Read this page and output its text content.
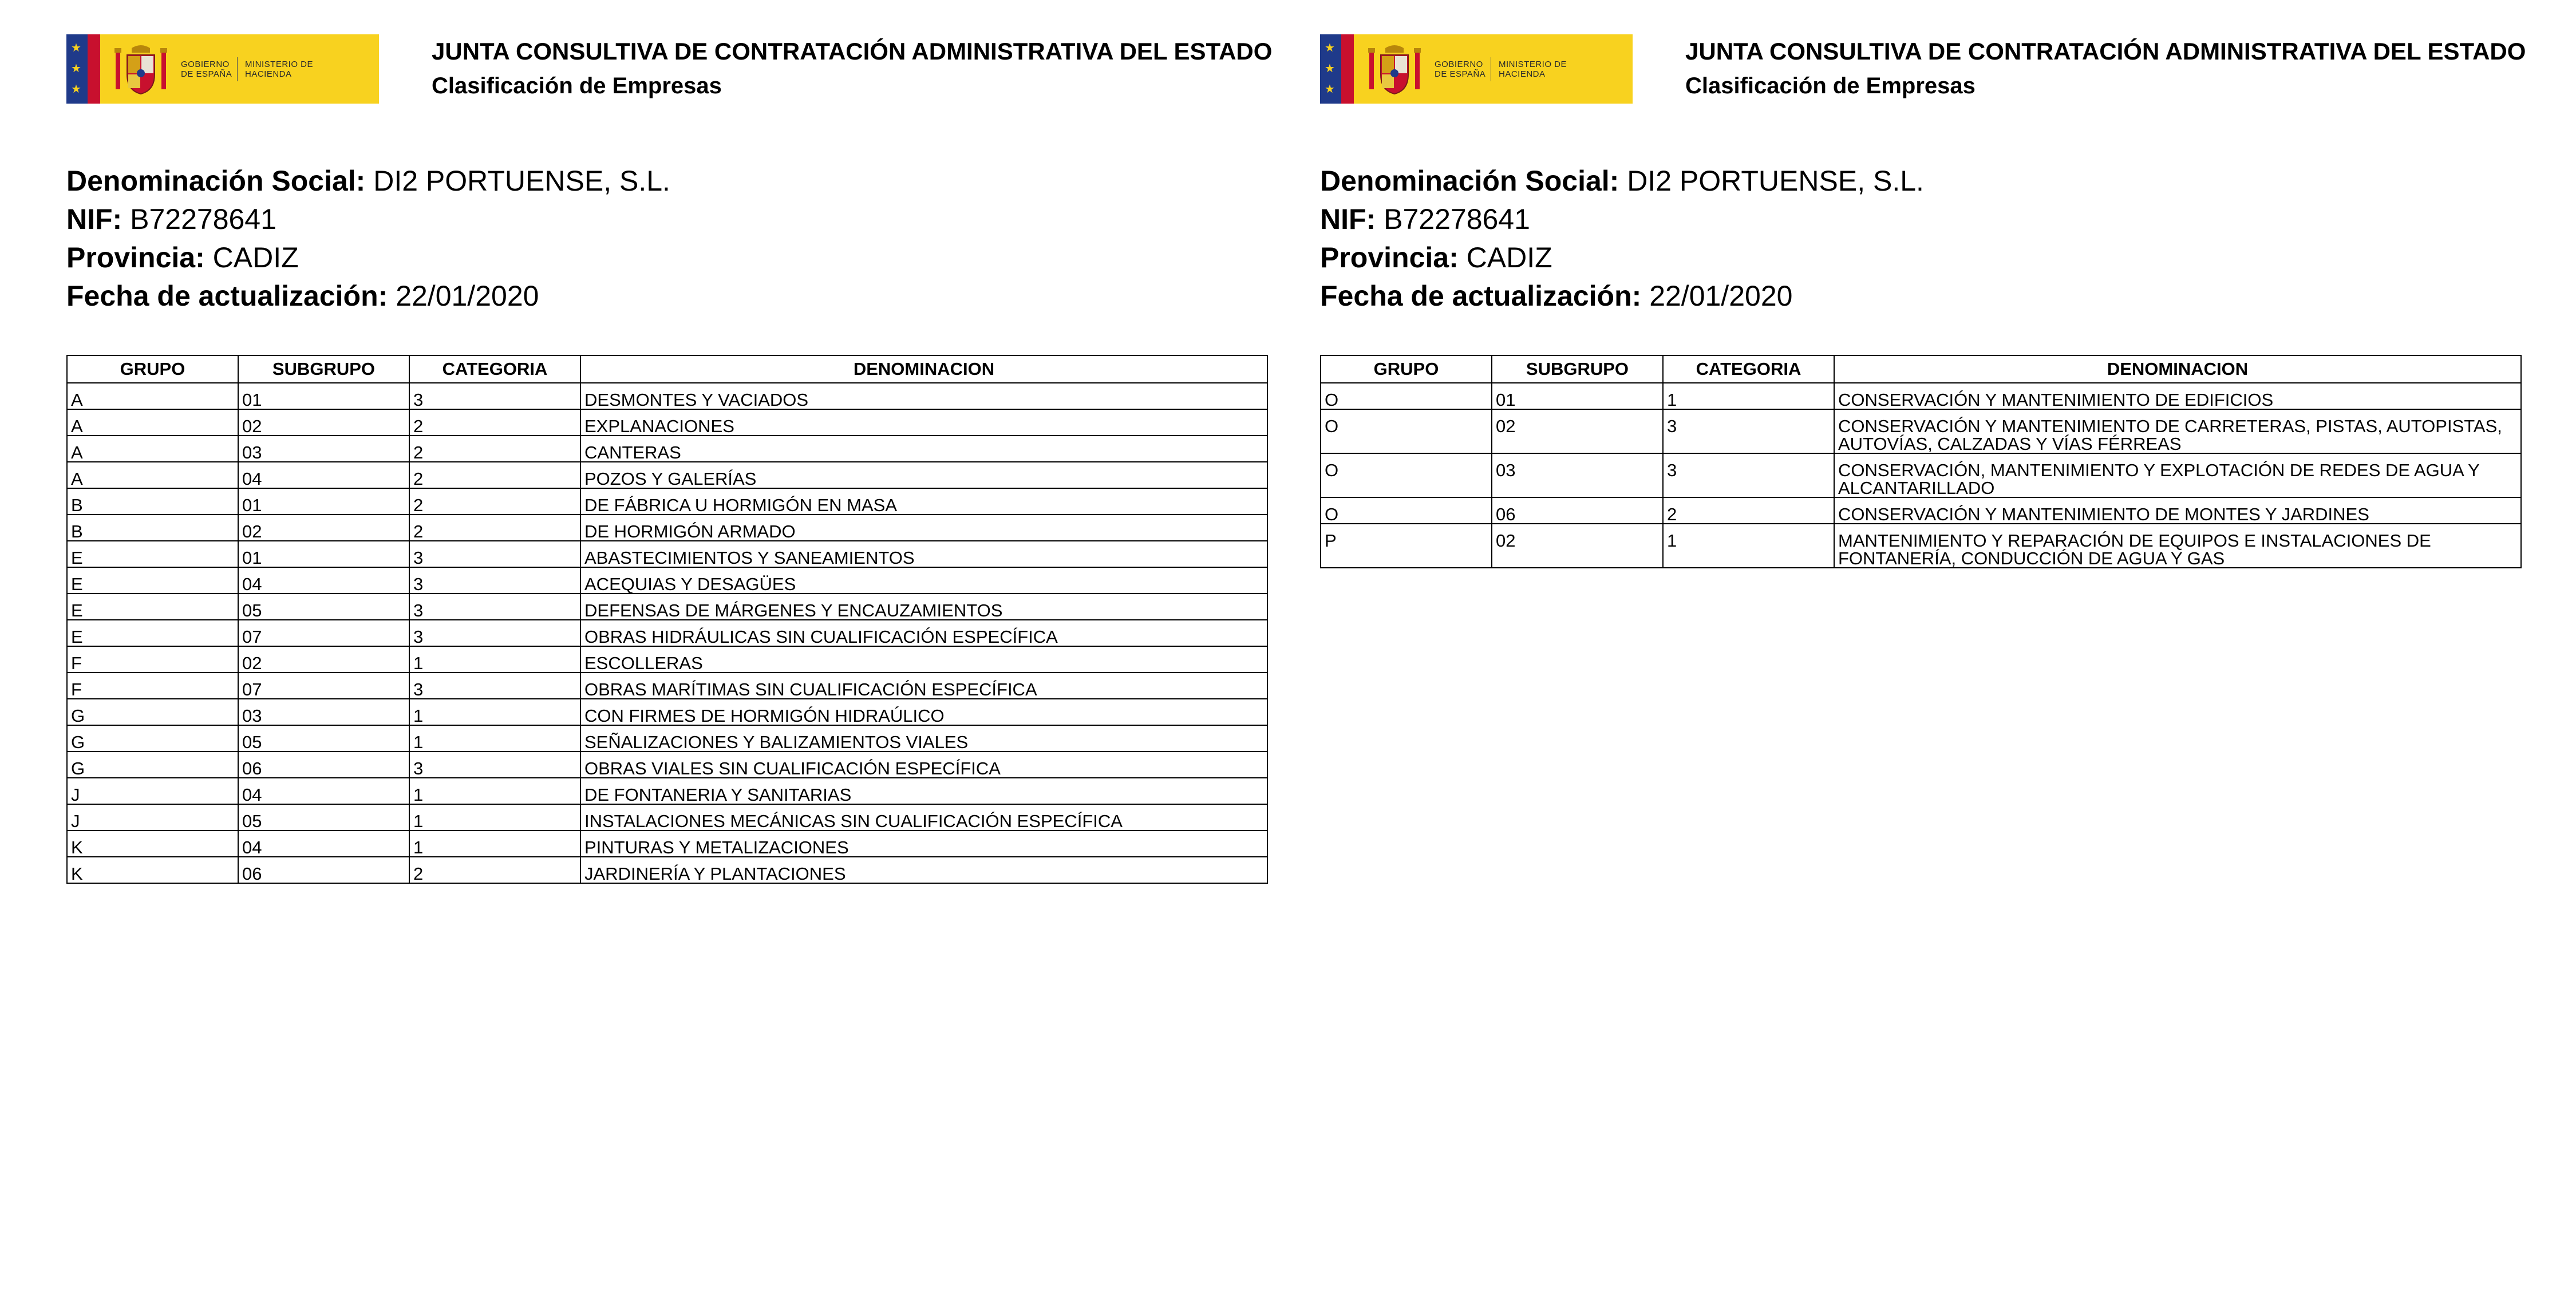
★
★
★
GOBIERNO DE ESPAÑA
MINISTERIO DE HACIENDA
JUNTA CONSULTIVA DE CONTRATACIÓN ADMINISTRATIVA DEL ESTADO
Clasificación de Empresas
Denominación Social: DI2 PORTUENSE, S.L.
NIF: B72278641
Provincia: CADIZ
Fecha de actualización: 22/01/2020
GRUPO	SUBGRUPO	CATEGORIA	DENOMINACION
A	01	3	DESMONTES Y VACIADOS
A	02	2	EXPLANACIONES
A	03	2	CANTERAS
A	04	2	POZOS Y GALERÍAS
B	01	2	DE FÁBRICA U HORMIGÓN EN MASA
B	02	2	DE HORMIGÓN ARMADO
E	01	3	ABASTECIMIENTOS Y SANEAMIENTOS
E	04	3	ACEQUIAS Y DESAGÜES
E	05	3	DEFENSAS DE MÁRGENES Y ENCAUZAMIENTOS
E	07	3	OBRAS HIDRÁULICAS SIN CUALIFICACIÓN ESPECÍFICA
F	02	1	ESCOLLERAS
F	07	3	OBRAS MARÍTIMAS SIN CUALIFICACIÓN ESPECÍFICA
G	03	1	CON FIRMES DE HORMIGÓN HIDRAÚLICO
G	05	1	SEÑALIZACIONES Y BALIZAMIENTOS VIALES
G	06	3	OBRAS VIALES SIN CUALIFICACIÓN ESPECÍFICA
J	04	1	DE FONTANERIA Y SANITARIAS
J	05	1	INSTALACIONES MECÁNICAS SIN CUALIFICACIÓN ESPECÍFICA
K	04	1	PINTURAS Y METALIZACIONES
K	06	2	JARDINERÍA Y PLANTACIONES
★
★
★
GOBIERNO DE ESPAÑA
MINISTERIO DE HACIENDA
JUNTA CONSULTIVA DE CONTRATACIÓN ADMINISTRATIVA DEL ESTADO
Clasificación de Empresas
Denominación Social: DI2 PORTUENSE, S.L.
NIF: B72278641
Provincia: CADIZ
Fecha de actualización: 22/01/2020
GRUPO	SUBGRUPO	CATEGORIA	DENOMINACION
O	01	1	CONSERVACIÓN Y MANTENIMIENTO DE EDIFICIOS
O	02	3	CONSERVACIÓN Y MANTENIMIENTO DE CARRETERAS, PISTAS, AUTOPISTAS, AUTOVÍAS, CALZADAS Y VÍAS FÉRREAS
O	03	3	CONSERVACIÓN, MANTENIMIENTO Y EXPLOTACIÓN DE REDES DE AGUA Y ALCANTARILLADO
O	06	2	CONSERVACIÓN Y MANTENIMIENTO DE MONTES Y JARDINES
P	02	1	MANTENIMIENTO Y REPARACIÓN DE EQUIPOS E INSTALACIONES DE FONTANERÍA, CONDUCCIÓN DE AGUA Y GAS
